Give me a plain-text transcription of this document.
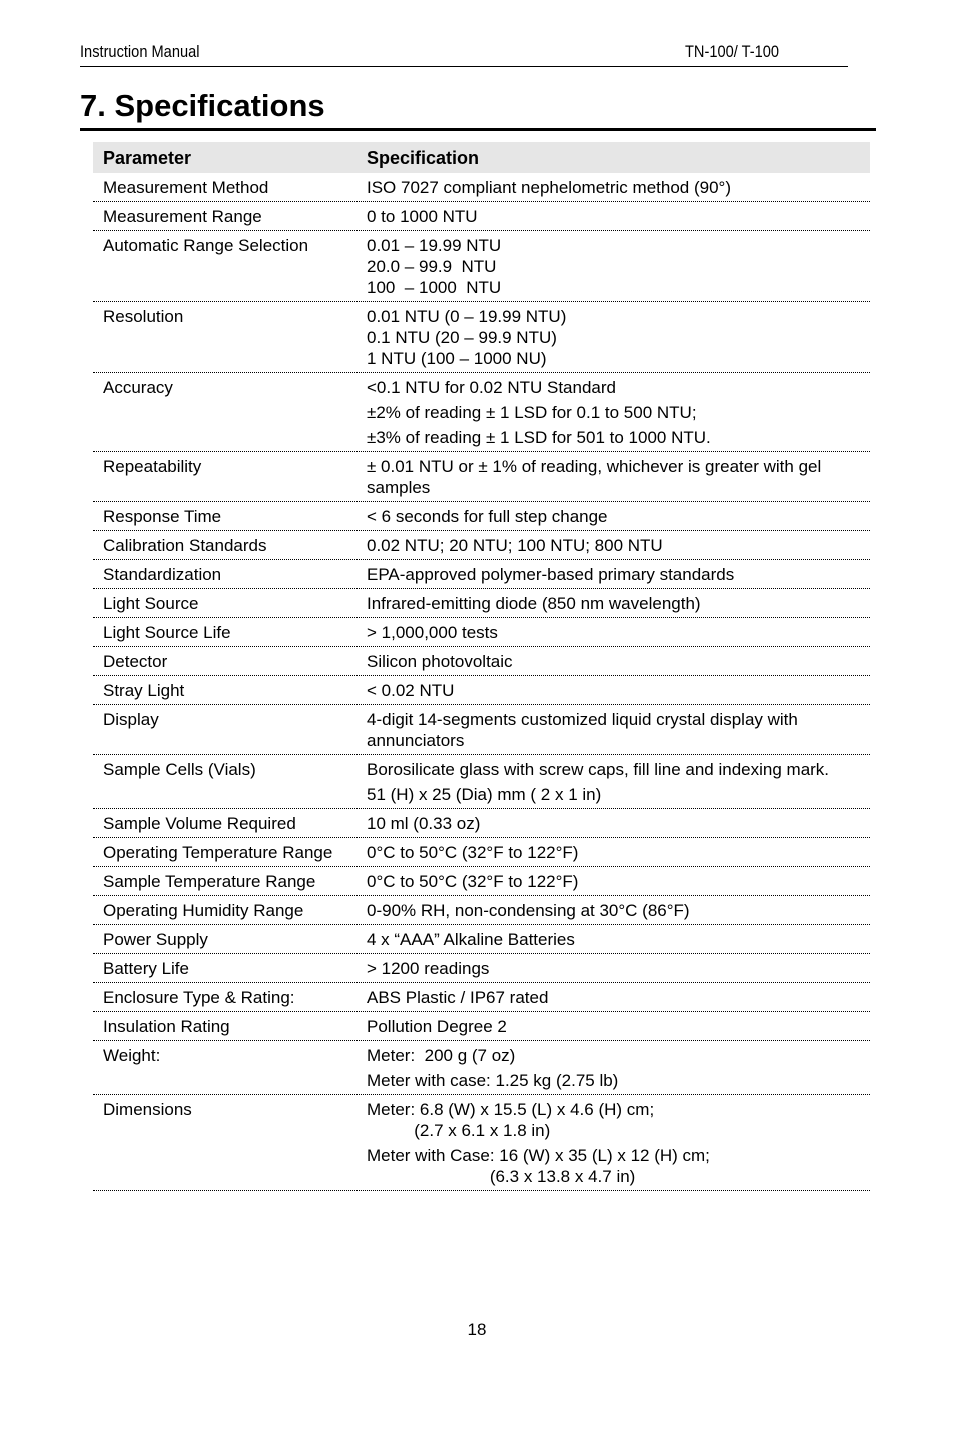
Instruction Manual	TN-100/ T-100
7. Specifications
Parameter	Specification

Measurement Method	ISO 7027 compliant nephelometric method (90°)

Measurement Range	0 to 1000 NTU

Automatic Range Selection	0.01 – 19.99 NTU
20.0 – 99.9  NTU
100  – 1000  NTU

Resolution	0.01 NTU (0 – 19.99 NTU)
0.1 NTU (20 – 99.9 NTU)
1 NTU (100 – 1000 NU)

Accuracy	<0.1 NTU for 0.02 NTU Standard
±2% of reading ± 1 LSD for 0.1 to 500 NTU;
±3% of reading ± 1 LSD for 501 to 1000 NTU.

Repeatability	± 0.01 NTU or ± 1% of reading, whichever is greater with gel samples

Response Time	< 6 seconds for full step change

Calibration Standards	0.02 NTU; 20 NTU; 100 NTU; 800 NTU

Standardization	EPA-approved polymer-based primary standards

Light Source	Infrared-emitting diode (850 nm wavelength)

Light Source Life	> 1,000,000 tests

Detector	Silicon photovoltaic

Stray Light	< 0.02 NTU

Display	4-digit 14-segments customized liquid crystal display with annunciators

Sample Cells (Vials)	Borosilicate glass with screw caps, fill line and indexing mark.
51 (H) x 25 (Dia) mm ( 2 x 1 in)

Sample Volume Required	10 ml (0.33 oz)

Operating Temperature Range	0°C to 50°C (32°F to 122°F)

Sample Temperature Range	0°C to 50°C (32°F to 122°F)

Operating Humidity Range	0-90% RH, non-condensing at 30°C (86°F)

Power Supply	4 x “AAA” Alkaline Batteries

Battery Life	> 1200 readings

Enclosure Type & Rating:	ABS Plastic / IP67 rated

Insulation Rating	Pollution Degree 2

Weight:	Meter:  200 g (7 oz)
Meter with case: 1.25 kg (2.75 lb)

Dimensions	Meter: 6.8 (W) x 15.5 (L) x 4.6 (H) cm;
(2.7 x 6.1 x 1.8 in)
Meter with Case: 16 (W) x 35 (L) x 12 (H) cm;
(6.3 x 13.8 x 4.7 in)
18
